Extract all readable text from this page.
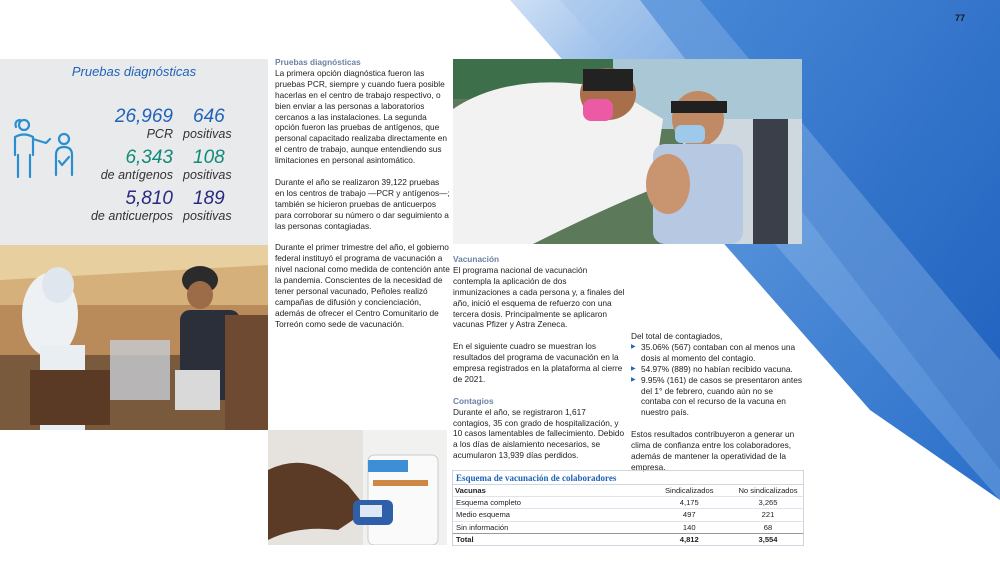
77
Pruebas diagnósticas
26,969
PCR
646
positivas
6,343
de antígenos
108
positivas
5,810
de anticuerpos
189
positivas

Pruebas diagnósticas
La primera opción diagnóstica fueron las pruebas PCR, siempre y cuando fuera posible hacerlas en el centro de trabajo respectivo, o bien enviar a las personas a laboratorios cercanos a las instalaciones. La segunda opción fueron las pruebas de antígenos, que personal capacitado realizaba directamente en el centro de trabajo, aunque entendiendo sus limitaciones en personal asintomático.

Durante el año se realizaron 39,122 pruebas en los centros de trabajo —PCR y antígenos—; también se hicieron pruebas de anticuerpos para corroborar su número o dar seguimiento a las personas contagiadas.

Durante el primer trimestre del año, el gobierno federal instituyó el programa de vacunación a nivel nacional como medida de contención ante la pandemia. Conscientes de la necesidad de tener personal vacunado, Peñoles realizó campañas de difusión y concienciación, además de ofrecer el Centro Comunitario de Torreón como sede de vacunación.

Vacunación
El programa nacional de vacunación contempla la aplicación de dos inmunizaciones a cada persona y, a finales del año, inició el esquema de refuerzo con una tercera dosis. Principalmente se aplicaron vacunas Pfizer y Astra Zeneca.

En el siguiente cuadro se muestran los resultados del programa de vacunación en la empresa registrados en la plataforma al cierre de 2021.

Contagios
Durante el año, se registraron 1,617 contagios, 35 con grado de hospitalización, y 10 casos lamentables de fallecimiento. Debido a los días de aislamiento necesarios, se acumularon 13,939 días perdidos.

Del total de contagiados,
▶ 35.06% (567) contaban con al menos una dosis al momento del contagio.
▶ 54.97% (889) no habían recibido vacuna.
▶ 9.95% (161) de casos se presentaron antes del 1° de febrero, cuando aún no se contaba con el recurso de la vacuna en nuestro país.

Estos resultados contribuyeron a generar un clima de confianza entre los colaboradores, además de mantener la operatividad de la empresa.

Esquema de vacunación de colaboradores
Vacunas	Sindicalizados	No sindicalizados
Esquema completo	4,175	3,265
Medio esquema	497	221
Sin información	140	68
Total	4,812	3,554
